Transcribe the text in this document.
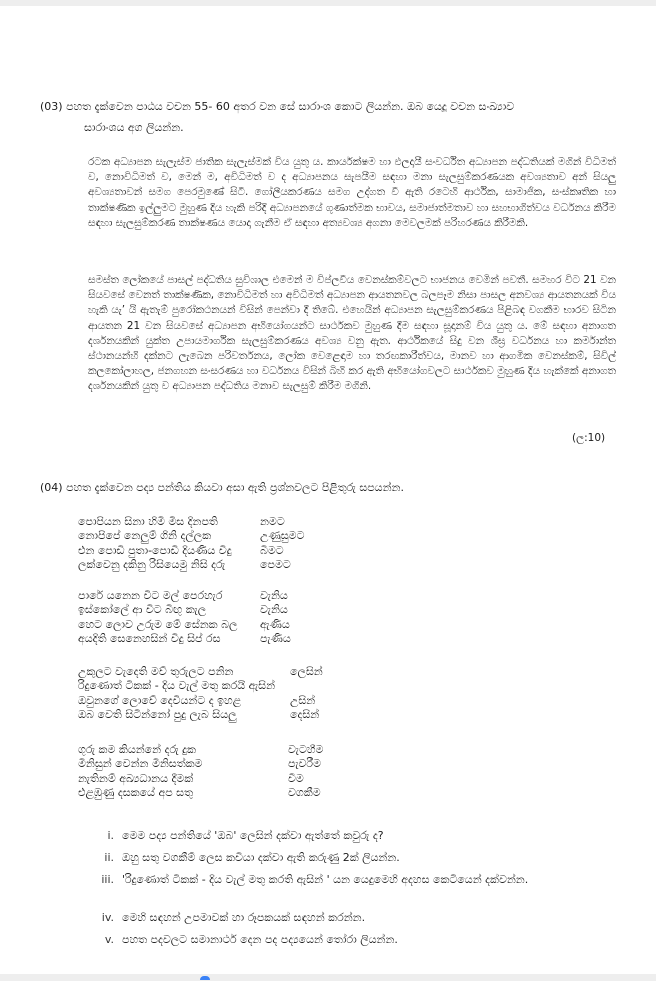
(03) පහත දැක්වෙන පාඨය වචන 55- 60 අතර වන සේ සාරාංශ කොට ලියන්න. ඔබ යෙදූ වචන සංඛ්‍යාව
සාරාංශය අග ලියන්න.

රටක අධ්‍යාපන සැලැස්ම ජාතික සැලැස්මක් විය යුතු ය. කාර්යක්ෂම හා ඵලදායී සංවර්ධිත අධ්‍යාපන පද්ධතියක් මගින් විධිමත් ව, නොවිධිමත් ව, මෙන් ම, අවිධිමත් ව ද අධ්‍යාපනය සැපයීම සඳහා මනා සැලසුම්කරණයක අවශ්‍යතාව අන් සියලු අවශ්‍යතාවන් සමග පෙරමුණේ සිටී. ගෝලීයකරණය සමග උද්ගත වී ඇති රටෙහි ආර්ථික, සාමාජික, සංස්කෘතික හා තාක්ෂණික ඉල්ලුමට මුහුණ දිය හැකි පරිදි අධ්‍යාපනයේ ගුණාත්මක භාවය, සමාජාත්මතාව හා සහභාගිත්වය වර්ධනය කිරීම සඳහා සැලසුම්කරණ තාක්ෂණය යොදා ගැනීම ඒ සඳහා අත්‍යවශ්‍ය අගනා මෙවලමක් පරිහරණය කිරීමකි.

සමස්ත ලෝකයේ පාසල් පද්ධතිය සුවිශාල එමෙන් ම විප්ලවීය වෙනස්කම්වලට භාජනය වෙමින් පවතී. සමහර විට 21 වන සියවසේ වෙනත් තාක්ෂණික, නොවිධිමත් හා අවිධිමත් අධ්‍යාපන ආයතනවල බලපෑම නිසා පාසල අනවශ්‍ය ආයතනයක් විය හැකි යැ’ යි ඇතැම් පුරෝකථනයන් විසින් පෙන්වා දී තිබේ. එහෙයින් අධ්‍යාපන සැලසුම්කරණය පිළිබඳ වගකීම භාරව සිටින ආයතන 21 වන සියවසේ අධ්‍යාපන අභියෝගයන්ට සාර්ථකව මුහුණ දීම සඳහා සූදානම් විය යුතු ය. මේ සඳහා අනාගත දර්ශනයකින් යුක්ත උපායමාර්ගික සැලසුම්කරණය අවශ්‍ය වනු ඇත. ආර්ථිකයේ සිදු වන ශීඝ්‍ර වර්ධනය හා කර්මාන්ත ස්ථානයන්හි දක්නට ලැබෙන පරිවර්තනය, ලෝක වෙළෙඳාම හා තරඟකාරීත්වය, මානව හා ආගමික වෙනස්කම්, සිවිල් කලකෝලාහල, ජනගහන සංසරණය හා වර්ධනය විසින් බිහි කර ඇති අභියෝගවලට සාර්ථකව මුහුණ දිය හැක්කේ අනාගත දර්ශනයකින් යුතු ව අධ්‍යාපන පද්ධතිය මනාව සැලසුම් කිරීම මගිනි.

(ල:10)
(04) පහත දැක්වෙන පද්‍ය පන්තිය කියවා අසා ඇති ප්‍රශ්නවලට පිළිතුරු සපයන්න.
පොපියන සිනා හිමි මිස දිනපති	නමට
නොපිපේ නෙලුම් ගිනි දල්ලක	උණුසුමට
එන පොඩි පුතා-පොඩි දියණිය විදු	බිමට
ලක්වෙනු දකිනු රිසියෙමු නිසි දරු	පෙමට
පාරේ යනෙන විට මල් පෙරහැර	වැනිය
ඉස්කෝලේ ආ විට බිඟු කැල	වැනිය
හෙට ලොව උරුම මේ සේනක බල	ඇණිය
අයදිති සෙනෙහසින් විදු සිප් රස	පැණිය
උකුලට වැදෙති මව් තුරුලට පනින	ලෙසින්
රිදුණොත් ටිකක් - දිය වැල් මතු කරයි ඇසින්
ඔවුනගේ ලොවේ දෙවියන්ට ද ඉහළ	උසින්
ඔබ වෙති සිටින්නෝ පුදු ලැබ සියලු	දෙසින්
ගුරු කම කියන්නේ දරු දුක	වැටහීම
මිනිසුන් වෙන්න මිනිසත්කම	පැවරීම
නැතිනම් අඛ්‍යධානය දීමක්	වීම
එළඹුණු දසකයේ අප සතු	වගකීම
i. මෙම පද්‍ය පන්තියේ 'ඔබ' ලෙසින් දක්වා ඇත්තේ කවුරු ද?
ii. ඔහු සතු වගකීම් ලෙස කවියා දක්වා ඇති කරුණු 2ක් ලියන්න.
iii. 'රිදුණොත් ටිකක් - දිය වැල් මතු කරති ඇසින් ' යන යෙදුමෙහි අදහස කෙටියෙන් දක්වන්න.
iv. මෙහි සඳහන් උපමාවක් හා රූපකයක් සඳහන් කරන්න.
v. පහත පදවලට සමානාර්ථ දෙන පද පද්‍යයෙන් තෝරා ලියන්න.
